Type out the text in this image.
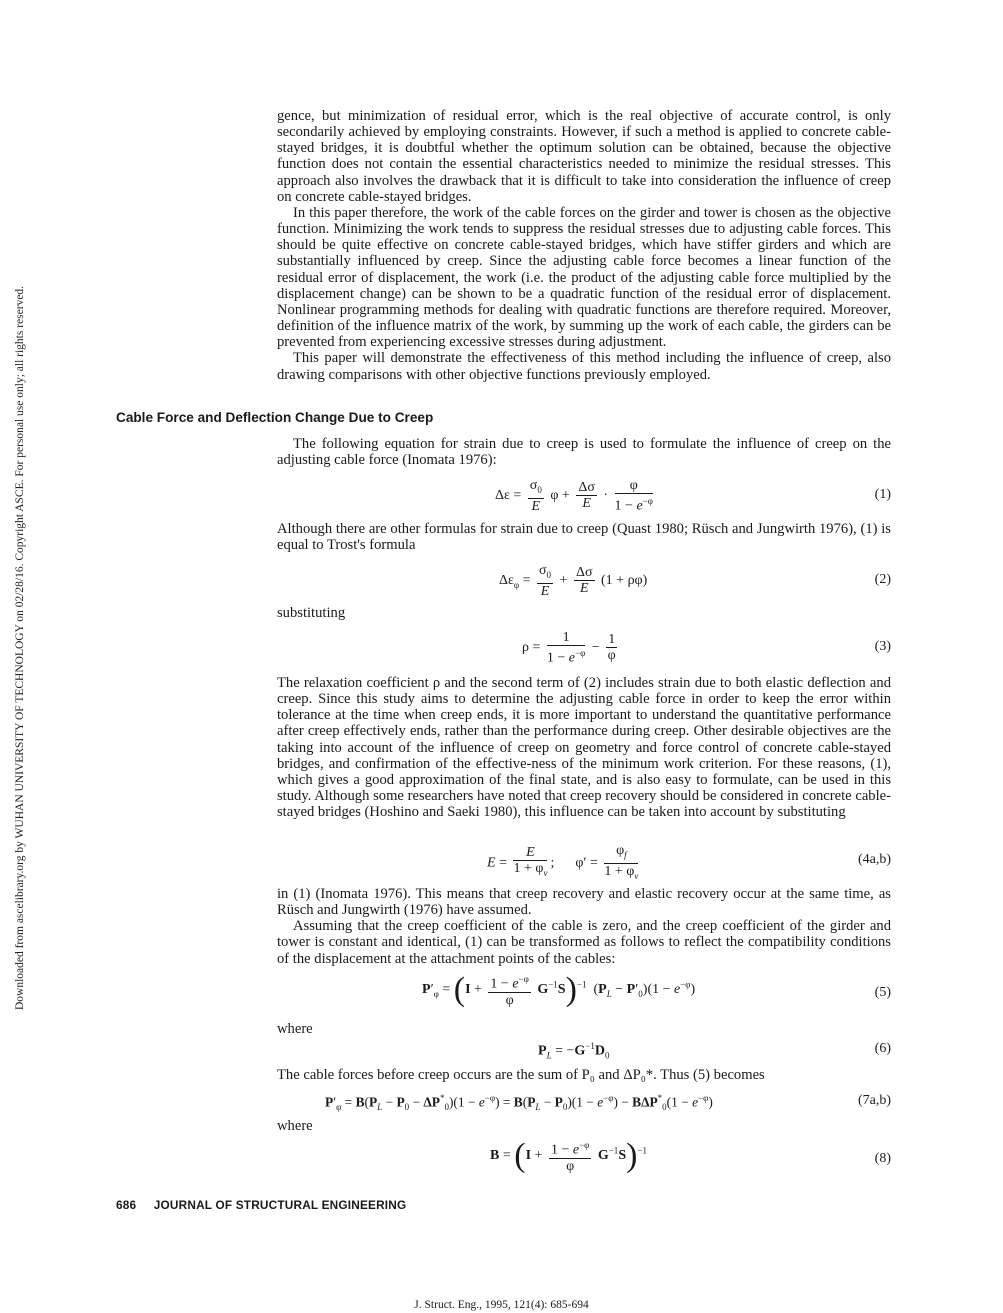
Downloaded from ascelibrary.org by WUHAN UNIVERSITY OF TECHNOLOGY on 02/28/16. Copyright ASCE. For personal use only; all rights reserved.

gence, but minimization of residual error, which is the real objective of accurate control, is only secondarily achieved by employing constraints. However, if such a method is applied to concrete cable-stayed bridges, it is doubtful whether the optimum solution can be obtained, because the objective function does not contain the essential characteristics needed to minimize the residual stresses. This approach also involves the drawback that it is difficult to take into consideration the influence of creep on concrete cable-stayed bridges.

In this paper therefore, the work of the cable forces on the girder and tower is chosen as the objective function. Minimizing the work tends to suppress the residual stresses due to adjusting cable forces. This should be quite effective on concrete cable-stayed bridges, which have stiffer girders and which are substantially influenced by creep. Since the adjusting cable force becomes a linear function of the residual error of displacement, the work (i.e. the product of the adjusting cable force multiplied by the displacement change) can be shown to be a quadratic function of the residual error of displacement. Nonlinear programming methods for dealing with quadratic functions are therefore required. Moreover, definition of the influence matrix of the work, by summing up the work of each cable, the girders can be prevented from experiencing excessive stresses during adjustment.

This paper will demonstrate the effectiveness of this method including the influence of creep, also drawing comparisons with other objective functions previously employed.

Cable Force and Deflection Change Due to Creep

The following equation for strain due to creep is used to formulate the influence of creep on the adjusting cable force (Inomata 1976):

$\Delta\varepsilon = \frac{\sigma_0}{E}$ $\varphi + \frac{\Delta\sigma}{E} \cdot \frac{\varphi}{1 - e^{-\varphi}}$	(1)

Although there are other formulas for strain due to creep (Quast 1980; Rüsch and Jungwirth 1976), (1) is equal to Trost's formula

$\Delta\varepsilon_\varphi = \frac{\sigma_0}{E} + \frac{\Delta\sigma}{E} (1 + \rho\varphi)$	(2)
substituting
$\rho = \frac{1}{1 - e^{-\varphi}} - \frac{1}{\varphi}$	(3)

The relaxation coefficient ρ and the second term of (2) includes strain due to both elastic deflection and creep. Since this study aims to determine the adjusting cable force in order to keep the error within tolerance at the time when creep ends, it is more important to understand the quantitative performance after creep effectively ends, rather than the performance during creep. Other desirable objectives are the taking into account of the influence of creep on geometry and force control of concrete cable-stayed bridges, and confirmation of the effective-ness of the minimum work criterion. For these reasons, (1), which gives a good approximation of the final state, and is also easy to formulate, can be used in this study. Although some researchers have noted that creep recovery should be considered in concrete cable-stayed bridges (Hoshino and Saeki 1980), this influence can be taken into account by substituting

$E = \frac{E}{1 + \varphi_v}$ ;      $\varphi' = \frac{\varphi_f}{1 + \varphi_v}$	(4a,b)

in (1) (Inomata 1976). This means that creep recovery and elastic recovery occur at the same time, as Rüsch and Jungwirth (1976) have assumed.

Assuming that the creep coefficient of the cable is zero, and the creep coefficient of the girder and tower is constant and identical, (1) can be transformed as follows to reflect the compatibility conditions of the displacement at the attachment points of the cables:

$P'_\varphi = (I + \frac{1 - e^{-\varphi}}{\varphi} G^{-1}S)^{-1}$  $(P_L - P'_0)(1 - e^{-\varphi})$	(5)
where
$P_L = -G^{-1}D_0$	(6)

The cable forces before creep occurs are the sum of P₀ and ΔP₀*. Thus (5) becomes

$P'_\varphi = B(P_L - P_0 - \Delta P^*_0)(1 - e^{-\varphi}) = B(P_L - P_0)(1 - e^{-\varphi}) - B\Delta P^*_0(1 - e^{-\varphi})$	(7a,b)
where
$B = (I + \frac{1 - e^{-\varphi}}{\varphi} G^{-1}S)^{-1}$
(8)
686 JOURNAL OF STRUCTURAL ENGINEERING
J. Struct. Eng., 1995, 121(4): 685-694
